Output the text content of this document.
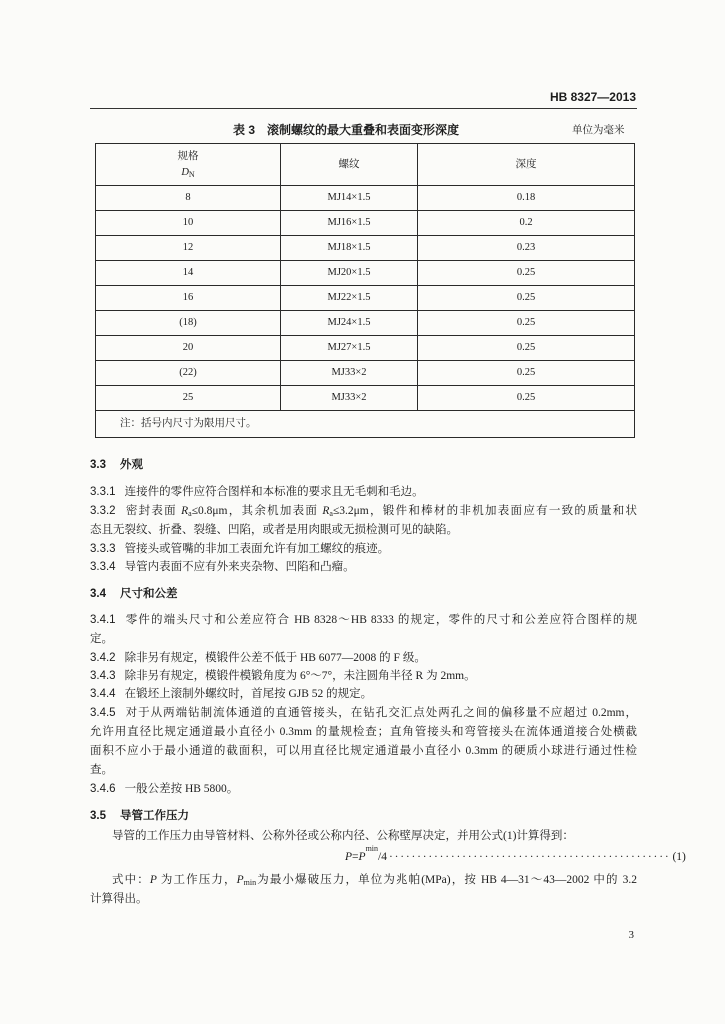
HB 8327—2013
表 3　滚制螺纹的最大重叠和表面变形深度	单位为毫米
规格
$D_N$	螺纹	深度
8	MJ14×1.5	0.18
10	MJ16×1.5	0.2
12	MJ18×1.5	0.23
14	MJ20×1.5	0.25
16	MJ22×1.5	0.25
(18)	MJ24×1.5	0.25
20	MJ27×1.5	0.25
(22)	MJ33×2	0.25
25	MJ33×2	0.25
注：括号内尺寸为限用尺寸。		
3.3 外观
3.3.1 连接件的零件应符合图样和本标准的要求且无毛刺和毛边。
3.3.2 密封表面 $R_a\le 0.8\mu m$，其余机加表面 $R_a\le 3.2\mu m$，锻件和棒材的非机加表面应有一致的质量和状
态且无裂纹、折叠、裂缝、凹陷，或者是用肉眼或无损检测可见的缺陷。
3.3.3 管接头或管嘴的非加工表面允许有加工螺纹的痕迹。
3.3.4 导管内表面不应有外来夹杂物、凹陷和凸瘤。
3.4 尺寸和公差
3.4.1 零件的端头尺寸和公差应符合 HB 8328～HB 8333 的规定，零件的尺寸和公差应符合图样的规
定。
3.4.2 除非另有规定，模锻件公差不低于 HB 6077—2008 的 F 级。
3.4.3 除非另有规定，模锻件模锻角度为 6°～7°，未注圆角半径 R 为 2mm。
3.4.4 在锻坯上滚制外螺纹时，首尾按 GJB 52 的规定。
3.4.5 对于从两端钻制流体通道的直通管接头，在钻孔交汇点处两孔之间的偏移量不应超过 0.2mm，
允许用直径比规定通道最小直径小 0.3mm 的量规检查；直角管接头和弯管接头在流体通道接合处横截
面积不应小于最小通道的截面积，可以用直径比规定通道最小直径小 0.3mm 的硬质小球进行通过性检
查。
3.4.6 一般公差按 HB 5800。
3.5 导管工作压力
导管的工作压力由导管材料、公称外径或公称内径、公称壁厚决定，并用公式(1)计算得到：
P = P
min
/4 ·················································· (1)
式中：P 为工作压力，$P_{min}$为最小爆破压力，单位为兆帕(MPa)，按 HB 4—31～43—2002 中的 3.2
计算得出。
3
